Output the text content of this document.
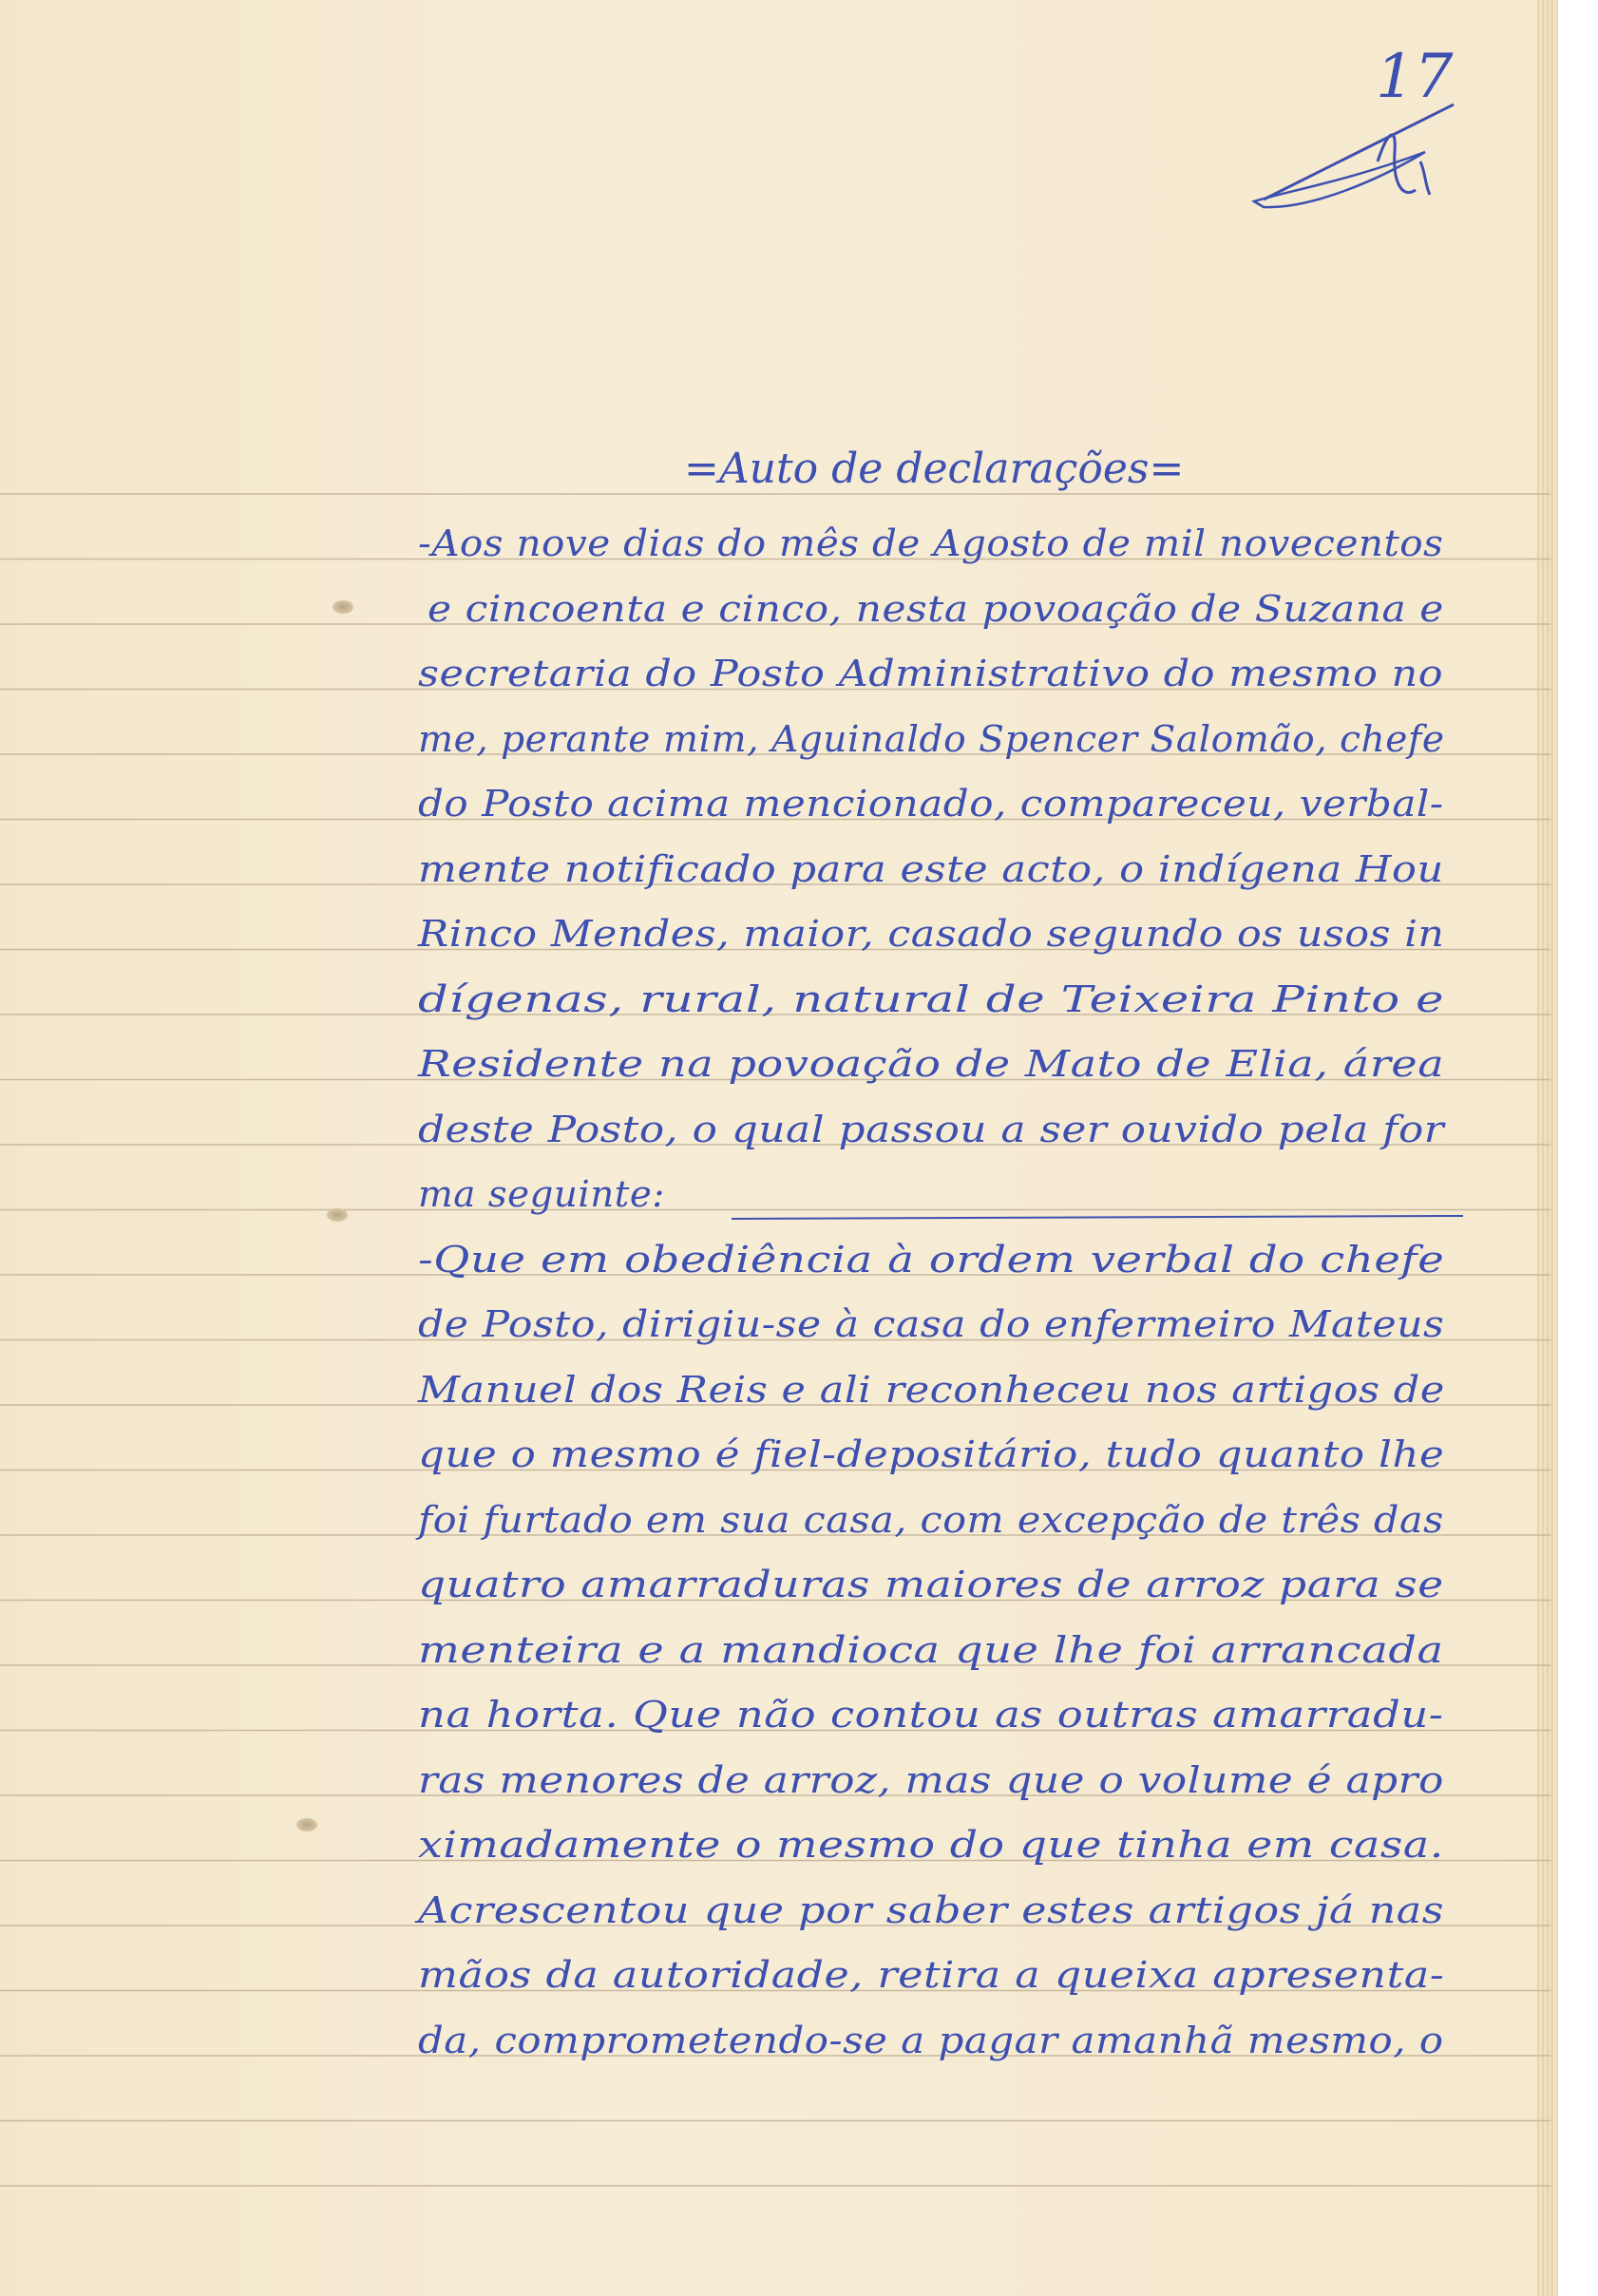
17
=Auto de declarações=
-Aos nove dias do mês de Agosto de mil novecentos
e cincoenta e cinco, nesta povoação de Suzana e
secretaria do Posto Administrativo do mesmo no
me, perante mim, Aguinaldo Spencer Salomão, chefe
do Posto acima mencionado, compareceu, verbal-
mente notificado para este acto, o indígena Hou
Rinco Mendes, maior, casado segundo os usos in
dígenas, rural, natural de Teixeira Pinto e
Residente na povoação de Mato de Elia, área
deste Posto, o qual passou a ser ouvido pela for
ma seguinte:
-Que em obediência à ordem verbal do chefe
de Posto, dirigiu-se à casa do enfermeiro Mateus
Manuel dos Reis e ali reconheceu nos artigos de
que o mesmo é fiel-depositário, tudo quanto lhe
foi furtado em sua casa, com excepção de três das
quatro amarraduras maiores de arroz para se
menteira e a mandioca que lhe foi arrancada
na horta. Que não contou as outras amarradu-
ras menores de arroz, mas que o volume é apro
ximadamente o mesmo do que tinha em casa.
Acrescentou que por saber estes artigos já nas
mãos da autoridade, retira a queixa apresenta-
da, comprometendo-se a pagar amanhã mesmo, o
